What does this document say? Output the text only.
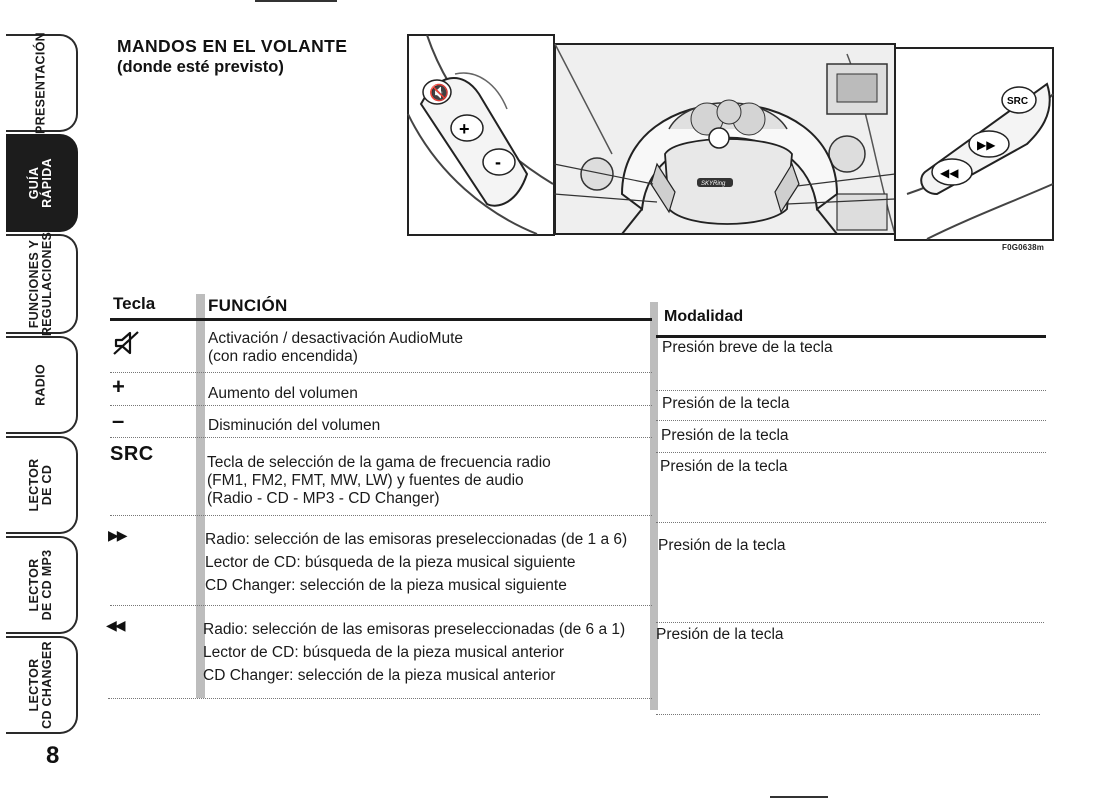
PRESENTACIÓN
GUÍA
RÁPIDA
FUNCIONES Y
REGULACIONES
RADIO
LECTOR
DE CD
LECTOR
DE CD MP3
LECTOR
CD CHANGER
8
MANDOS EN EL VOLANTE
(donde esté previsto)
🔇
+
-
SKYRing
SRC
▶▶
◀◀
F0G0638m
Tecla	FUNCIÓN
Modalidad
Activación / desactivación AudioMute
(con radio encendida)
Presión breve de la tecla
+	Aumento del volumen
Presión de la tecla
–	Disminución del volumen
Presión de la tecla
SRC	Tecla de selección de la gama de frecuencia radio
(FM1, FM2, FMT, MW, LW) y fuentes de audio
(Radio - CD - MP3 - CD Changer)
Presión de la tecla
▶▶	Radio: selección de las emisoras preseleccionadas (de 1 a 6)
Lector de CD: búsqueda de la pieza musical siguiente
CD Changer: selección de la pieza musical siguiente
Presión de la tecla
◀◀	Radio: selección de las emisoras preseleccionadas (de 6 a 1)
Lector de CD: búsqueda de la pieza musical anterior
CD Changer: selección de la pieza musical anterior
Presión de la tecla
